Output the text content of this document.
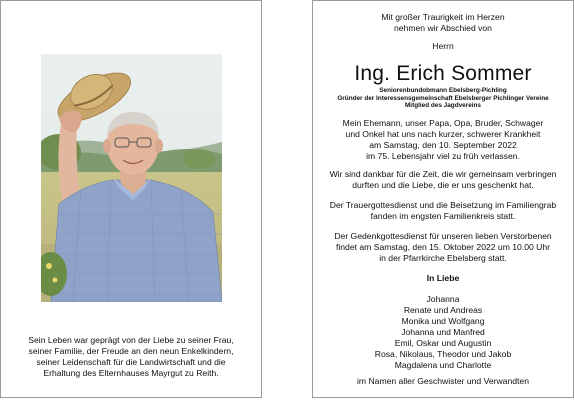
Sein Leben war geprägt von der Liebe zu seiner Frau,
seiner Familie, der Freude an den neun Enkelkindern,
seiner Leidenschaft für die Landwirtschaft und die
Erhaltung des Elternhauses Mayrgut zu Reith.
Mit großer Traurigkeit im Herzen
nehmen wir Abschied von
Herrn
Ing. Erich Sommer
Seniorenbundobmann Ebelsberg-Pichling
Gründer der Interessensgemeinschaft Ebelsberger Pichlinger Vereine
Mitglied des Jagdvereins
Mein Ehemann, unser Papa, Opa, Bruder, Schwager
und Onkel hat uns nach kurzer, schwerer Krankheit
am Samstag, den 10. September 2022
im 75. Lebensjahr viel zu früh verlassen.
Wir sind dankbar für die Zeit, die wir gemeinsam verbringen
durften und die Liebe, die er uns geschenkt hat.
Der Trauergottesdienst und die Beisetzung im Familiengrab
fanden im engsten Familienkreis statt.
Der Gedenkgottesdienst für unseren lieben Verstorbenen
findet am Samstag, den 15. Oktober 2022 um 10.00 Uhr
in der Pfarrkirche Ebelsberg statt.
In Liebe
Johanna
Renate und Andreas
Monika und Wolfgang
Johanna und Manfred
Emil, Oskar und Augustin
Rosa, Nikolaus, Theodor und Jakob
Magdalena und Charlotte
im Namen aller Geschwister und Verwandten
